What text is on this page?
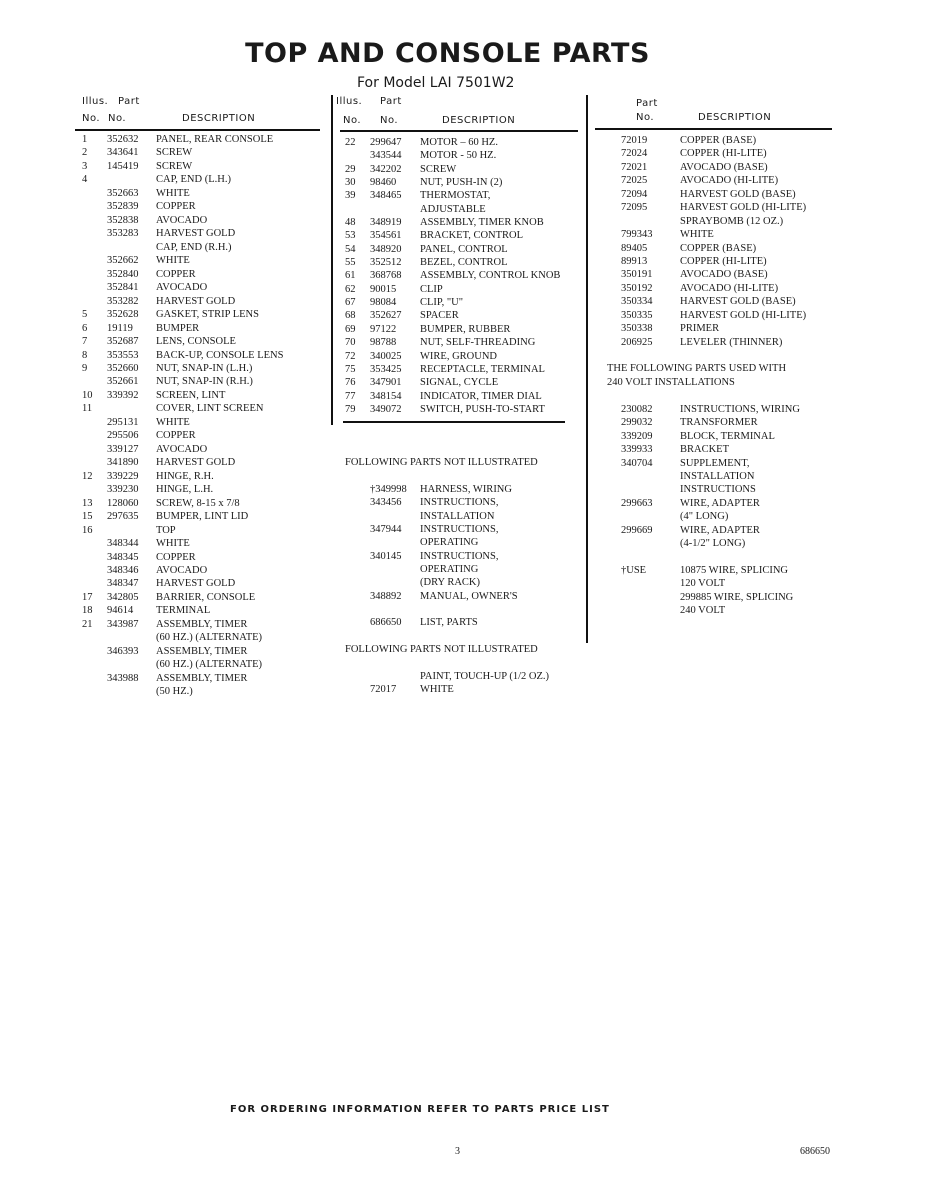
TOP AND CONSOLE PARTS
For Model LAI 7501W2
Illus. Part
No. No.	DESCRIPTION
Illus. Part
No. No.	DESCRIPTION
Part
No.	DESCRIPTION
1 352632 PANEL, REAR CONSOLE
2 343641 SCREW
3 145419 SCREW
4	CAP, END (L.H.)
352663 WHITE
352839 COPPER
352838 AVOCADO
353283 HARVEST GOLD
CAP, END (R.H.)
352662 WHITE
352840 COPPER
352841 AVOCADO
353282 HARVEST GOLD
5 352628 GASKET, STRIP LENS
6 19119 BUMPER
7 352687 LENS, CONSOLE
8 353553 BACK-UP, CONSOLE LENS
9 352660 NUT, SNAP-IN (L.H.)
352661 NUT, SNAP-IN (R.H.)
10 339392 SCREEN, LINT
11	COVER, LINT SCREEN
295131 WHITE
295506 COPPER
339127 AVOCADO
341890 HARVEST GOLD
12 339229 HINGE, R.H.
339230 HINGE, L.H.
13 128060 SCREW, 8-15 x 7/8
15 297635 BUMPER, LINT LID
16	TOP
348344 WHITE
348345 COPPER
348346 AVOCADO
348347 HARVEST GOLD
17 342805 BARRIER, CONSOLE
18 94614 TERMINAL
21 343987 ASSEMBLY, TIMER
(60 HZ.) (ALTERNATE)
346393 ASSEMBLY, TIMER
(60 HZ.) (ALTERNATE)
343988 ASSEMBLY, TIMER
(50 HZ.)
22 299647 MOTOR – 60 HZ.
343544 MOTOR - 50 HZ.
29 342202 SCREW
30 98460 NUT, PUSH-IN (2)
39 348465 THERMOSTAT,
ADJUSTABLE
48 348919 ASSEMBLY, TIMER KNOB
53 354561 BRACKET, CONTROL
54 348920 PANEL, CONTROL
55 352512 BEZEL, CONTROL
61 368768 ASSEMBLY, CONTROL KNOB
62 90015 CLIP
67 98084 CLIP, "U"
68 352627 SPACER
69 97122 BUMPER, RUBBER
70 98788 NUT, SELF-THREADING
72 340025 WIRE, GROUND
75 353425 RECEPTACLE, TERMINAL
76 347901 SIGNAL, CYCLE
77 348154 INDICATOR, TIMER DIAL
79 349072 SWITCH, PUSH-TO-START
FOLLOWING PARTS NOT ILLUSTRATED
†349998 HARNESS, WIRING
343456 INSTRUCTIONS,
INSTALLATION
347944 INSTRUCTIONS,
OPERATING
340145 INSTRUCTIONS,
OPERATING
(DRY RACK)
348892 MANUAL, OWNER'S
686650 LIST, PARTS
FOLLOWING PARTS NOT ILLUSTRATED
PAINT, TOUCH-UP (1/2 OZ.)
72017 WHITE
72019	COPPER (BASE)
72024	COPPER (HI-LITE)
72021	AVOCADO (BASE)
72025	AVOCADO (HI-LITE)
72094	HARVEST GOLD (BASE)
72095	HARVEST GOLD (HI-LITE)
SPRAYBOMB (12 OZ.)
799343	WHITE
89405	COPPER (BASE)
89913	COPPER (HI-LITE)
350191	AVOCADO (BASE)
350192	AVOCADO (HI-LITE)
350334	HARVEST GOLD (BASE)
350335	HARVEST GOLD (HI-LITE)
350338	PRIMER
206925	LEVELER (THINNER)
THE FOLLOWING PARTS USED WITH
240 VOLT INSTALLATIONS
230082	INSTRUCTIONS, WIRING
299032	TRANSFORMER
339209	BLOCK, TERMINAL
339933	BRACKET
340704	SUPPLEMENT,
INSTALLATION
INSTRUCTIONS
299663	WIRE, ADAPTER
(4" LONG)
299669	WIRE, ADAPTER
(4-1/2" LONG)
†USE	10875 WIRE, SPLICING
120 VOLT
299885 WIRE, SPLICING
240 VOLT
FOR ORDERING INFORMATION REFER TO PARTS PRICE LIST
3	686650
